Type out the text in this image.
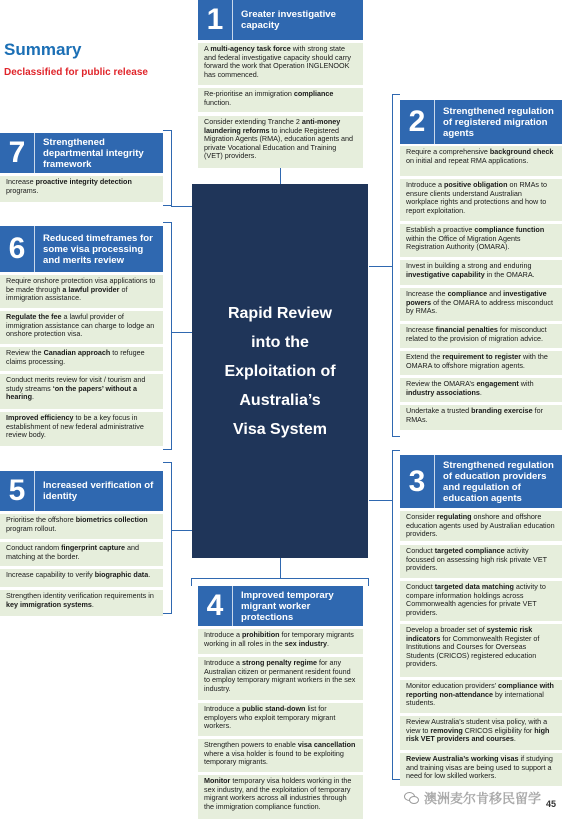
Summary
Declassified for public release
Rapid Review
into the
Exploitation of
Australia’s
Visa System
1	Greater investigative capacity
A multi-agency task force with strong state and federal investigative capacity should carry forward the work that Operation INGLENOOK has commenced.
Re-prioritise an immigration compliance function.
Consider extending Tranche 2 anti-money laundering reforms to include Registered Migration Agents (RMA), education agents and private Vocational Education and Training (VET) providers.
7	Strengthened departmental integrity framework
Increase proactive integrity detection programs.
6	Reduced timeframes for some visa processing and merits review
Require onshore protection visa applications to be made through a lawful provider of immigration assistance.
Regulate the fee a lawful provider of immigration assistance can charge to lodge an onshore protection visa.
Review the Canadian approach to refugee claims processing.
Conduct merits review for visit / tourism and study streams ‘on the papers’ without a hearing.
Improved efficiency to be a key focus in establishment of new federal administrative review body.
5	Increased verification of identity
Prioritise the offshore biometrics collection program rollout.
Conduct random fingerprint capture and matching at the border.
Increase capability to verify biographic data.
Strengthen identity verification requirements in key immigration systems.	4	Improved temporary migrant worker protections
Introduce a prohibition for temporary migrants working in all roles in the sex industry.
Introduce a strong penalty regime for any Australian citizen or permanent resident found to employ temporary migrant workers in the sex industry.
Introduce a public stand-down list for employers who exploit temporary migrant workers.
Strengthen powers to enable visa cancellation where a visa holder is found to be exploiting temporary migrants.
Monitor temporary visa holders working in the sex industry, and the exploitation of temporary migrant workers across all industries through the immigration compliance function.
2	Strengthened regulation of registered migration agents
Require a comprehensive background check on initial and repeat RMA applications.
Introduce a positive obligation on RMAs to ensure clients understand Australian workplace rights and protections and how to report exploitation.
Establish a proactive compliance function within the Office of Migration Agents Registration Authority (OMARA).
Invest in building a strong and enduring investigative capability in the OMARA.
Increase the compliance and investigative powers of the OMARA to address misconduct by RMAs.
Increase financial penalties for misconduct related to the provision of migration advice.
Extend the requirement to register with the OMARA to offshore migration agents.
Review the OMARA’s engagement with industry associations.
Undertake a trusted branding exercise for RMAs.
3	Strengthened regulation of education providers and regulation of education agents
Consider regulating onshore and offshore education agents used by Australian education providers.
Conduct targeted compliance activity focussed on assessing high risk private VET providers.
Conduct targeted data matching activity to compare information holdings across Commonwealth agencies for private VET providers.
Develop a broader set of systemic risk indicators for Commonwealth Register of Institutions and Courses for Overseas Students (CRICOS) registered education providers.
Monitor education providers’ compliance with reporting non-attendance by international students.
Review Australia’s student visa policy, with a view to removing CRICOS eligibility for high risk VET providers and courses.
Review Australia’s working visas if studying and training visas are being used to support a need for low skilled workers.
澳洲麦尔肯移民留学 45
